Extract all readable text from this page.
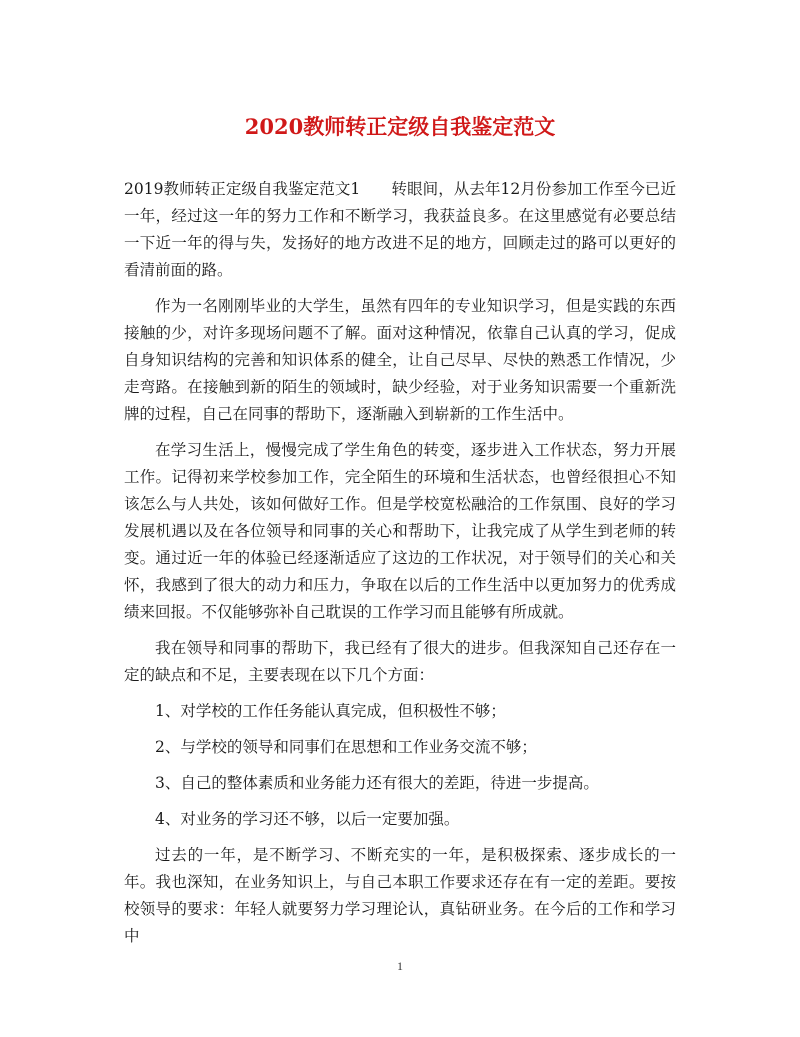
2020教师转正定级自我鉴定范文

2019教师转正定级自我鉴定范文1　　转眼间，从去年12月份参加工作至今已近一年，经过这一年的努力工作和不断学习，我获益良多。在这里感觉有必要总结一下近一年的得与失，发扬好的地方改进不足的地方，回顾走过的路可以更好的看清前面的路。

作为一名刚刚毕业的大学生，虽然有四年的专业知识学习，但是实践的东西接触的少，对许多现场问题不了解。面对这种情况，依靠自己认真的学习，促成自身知识结构的完善和知识体系的健全，让自己尽早、尽快的熟悉工作情况，少走弯路。在接触到新的陌生的领域时，缺少经验，对于业务知识需要一个重新洗牌的过程，自己在同事的帮助下，逐渐融入到崭新的工作生活中。

在学习生活上，慢慢完成了学生角色的转变，逐步进入工作状态，努力开展工作。记得初来学校参加工作，完全陌生的环境和生活状态，也曾经很担心不知该怎么与人共处，该如何做好工作。但是学校宽松融洽的工作氛围、良好的学习发展机遇以及在各位领导和同事的关心和帮助下，让我完成了从学生到老师的转变。通过近一年的体验已经逐渐适应了这边的工作状况，对于领导们的关心和关怀，我感到了很大的动力和压力，争取在以后的工作生活中以更加努力的优秀成绩来回报。不仅能够弥补自己耽误的工作学习而且能够有所成就。

我在领导和同事的帮助下，我已经有了很大的进步。但我深知自己还存在一定的缺点和不足，主要表现在以下几个方面：

1、对学校的工作任务能认真完成，但积极性不够；

2、与学校的领导和同事们在思想和工作业务交流不够；

3、自己的整体素质和业务能力还有很大的差距，待进一步提高。

4、对业务的学习还不够，以后一定要加强。

过去的一年，是不断学习、不断充实的一年，是积极探索、逐步成长的一年。我也深知，在业务知识上，与自己本职工作要求还存在有一定的差距。要按校领导的要求：年轻人就要努力学习理论认，真钻研业务。在今后的工作和学习中

1
